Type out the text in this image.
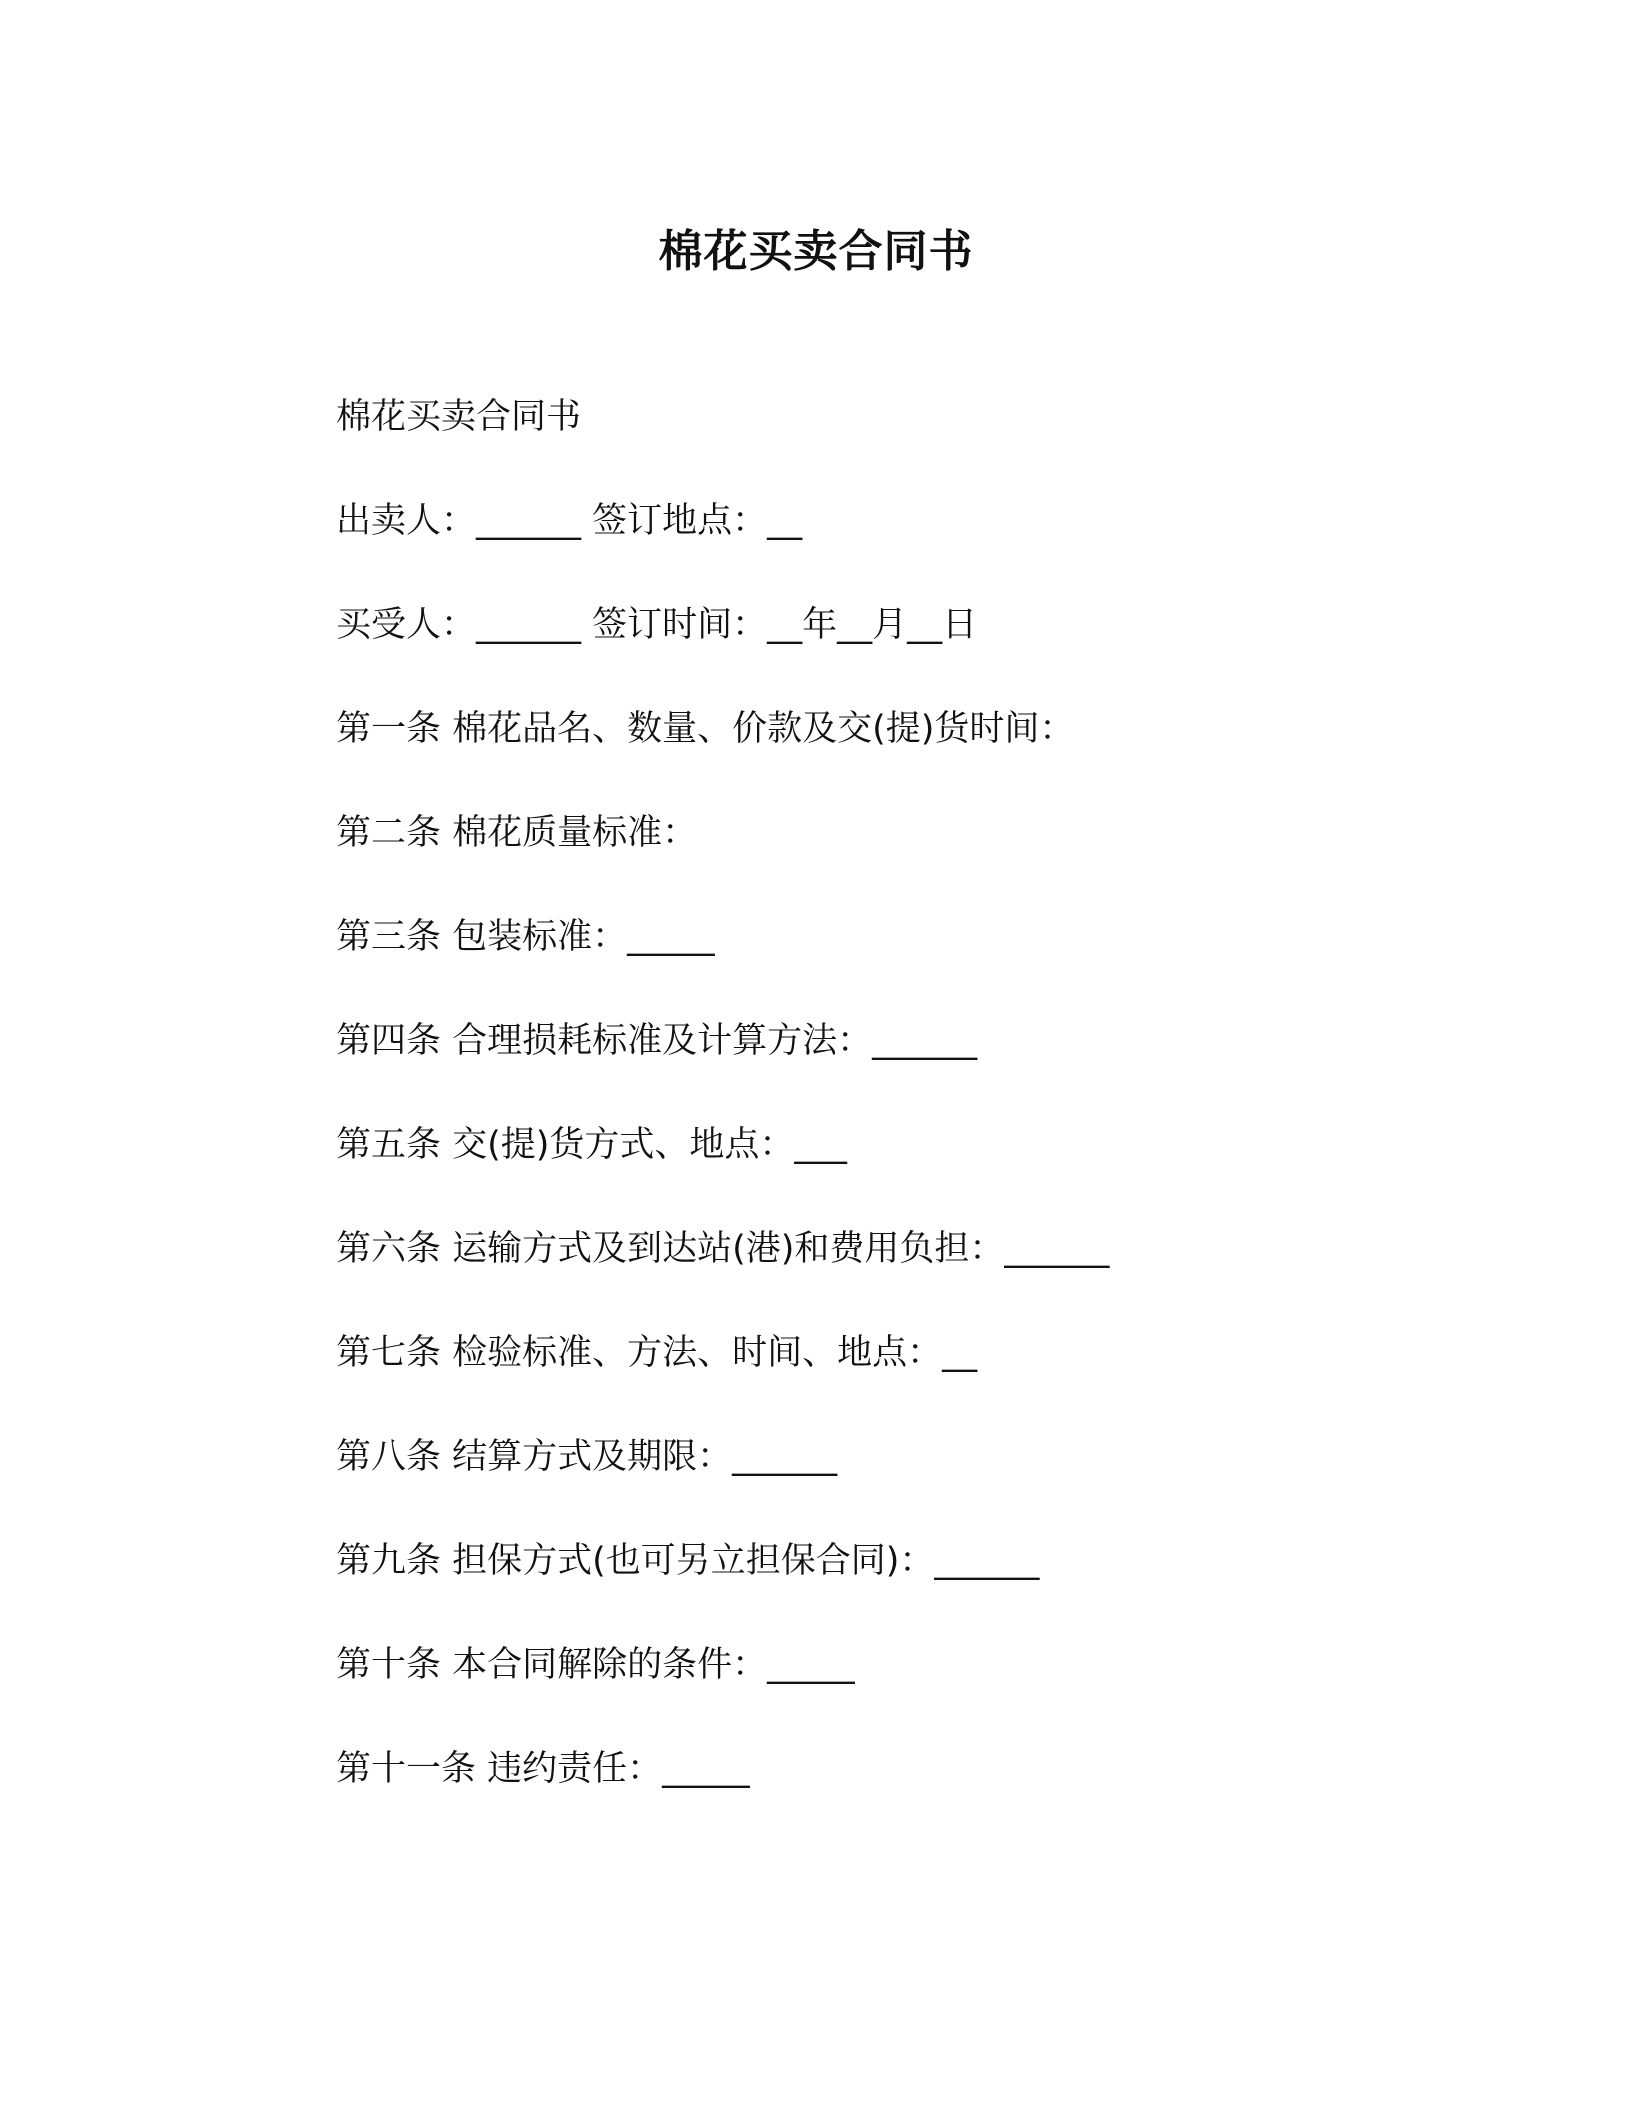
棉花买卖合同书
棉花买卖合同书
出卖人：______ 签订地点：__
买受人：______ 签订时间：__年__月__日
第一条 棉花品名、数量、价款及交(提)货时间：
第二条 棉花质量标准：
第三条 包装标准：_____
第四条 合理损耗标准及计算方法：______
第五条 交(提)货方式、地点：___
第六条 运输方式及到达站(港)和费用负担：______
第七条 检验标准、方法、时间、地点：__
第八条 结算方式及期限：______
第九条 担保方式(也可另立担保合同)：______
第十条 本合同解除的条件：_____
第十一条 违约责任：_____
